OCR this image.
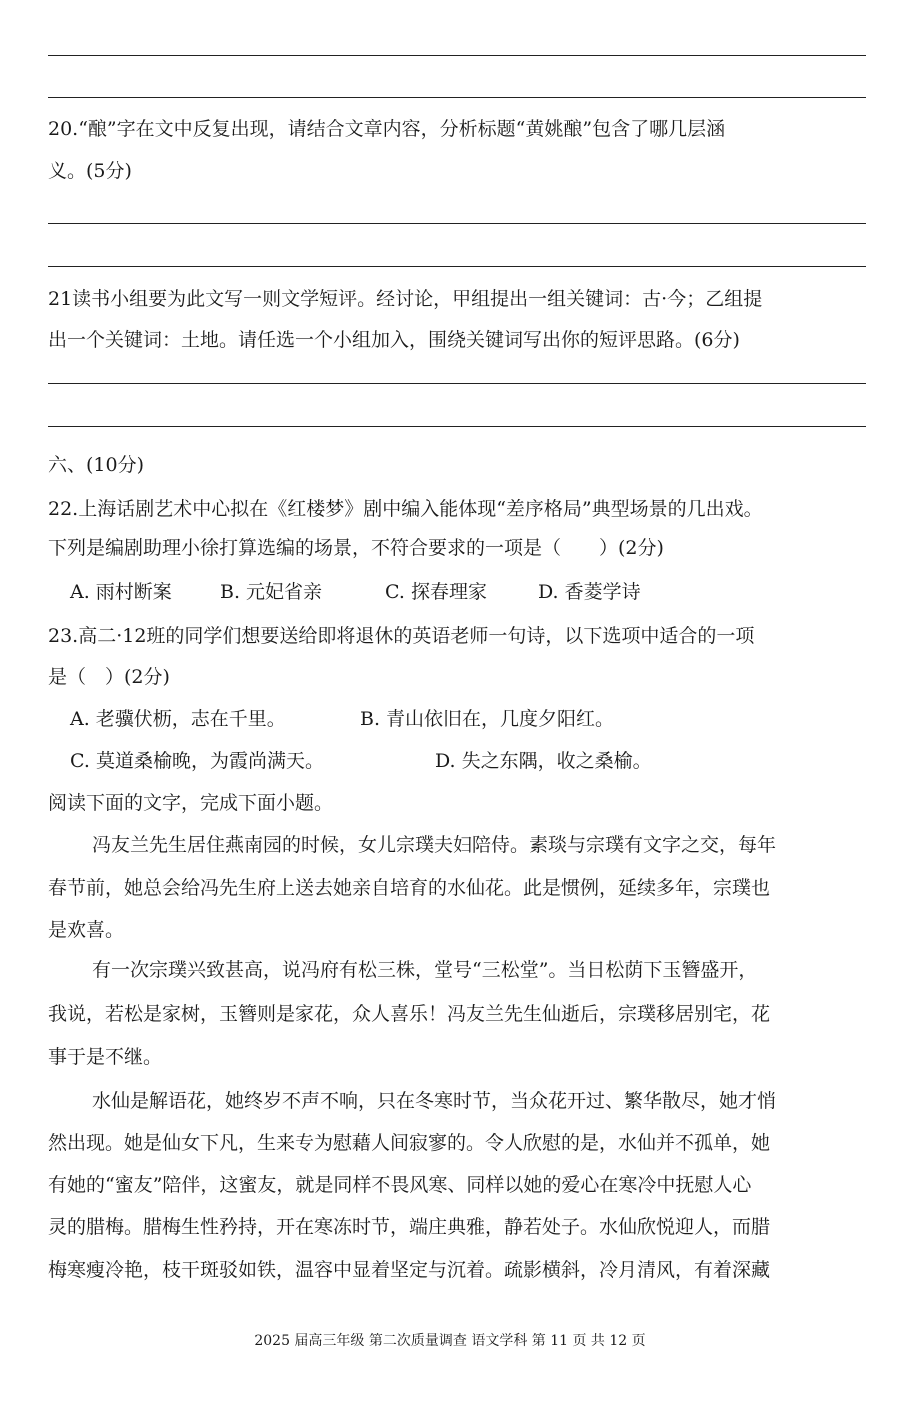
20.“酿”字在文中反复出现，请结合文章内容，分析标题“黄姚酿”包含了哪几层涵
义。(5分)
21读书小组要为此文写一则文学短评。经讨论，甲组提出一组关键词：古·今；乙组提
出一个关键词：土地。请任选一个小组加入，围绕关键词写出你的短评思路。(6分)
六、(10分)
22.上海话剧艺术中心拟在《红楼梦》剧中编入能体现“差序格局”典型场景的几出戏。
下列是编剧助理小徐打算选编的场景，不符合要求的一项是（　　）(2分)
A. 雨村断案	B. 元妃省亲	C. 探春理家	D. 香菱学诗
23.高二·12班的同学们想要送给即将退休的英语老师一句诗，以下选项中适合的一项
是（　）(2分)
A. 老骥伏枥，志在千里。	B. 青山依旧在，几度夕阳红。
C. 莫道桑榆晚，为霞尚满天。	D. 失之东隅，收之桑榆。
阅读下面的文字，完成下面小题。
冯友兰先生居住燕南园的时候，女儿宗璞夫妇陪侍。素琰与宗璞有文字之交，每年
春节前，她总会给冯先生府上送去她亲自培育的水仙花。此是惯例，延续多年，宗璞也
是欢喜。
有一次宗璞兴致甚高，说冯府有松三株，堂号“三松堂”。当日松荫下玉簪盛开，
我说，若松是家树，玉簪则是家花，众人喜乐！冯友兰先生仙逝后，宗璞移居别宅，花
事于是不继。
水仙是解语花，她终岁不声不响，只在冬寒时节，当众花开过、繁华散尽，她才悄
然出现。她是仙女下凡，生来专为慰藉人间寂寥的。令人欣慰的是，水仙并不孤单，她
有她的“蜜友”陪伴，这蜜友，就是同样不畏风寒、同样以她的爱心在寒冷中抚慰人心
灵的腊梅。腊梅生性矜持，开在寒冻时节，端庄典雅，静若处子。水仙欣悦迎人，而腊
梅寒瘦冷艳，枝干斑驳如铁，温容中显着坚定与沉着。疏影横斜，冷月清风，有着深藏
2025 届高三年级 第二次质量调查 语文学科 第 11 页 共 12 页
